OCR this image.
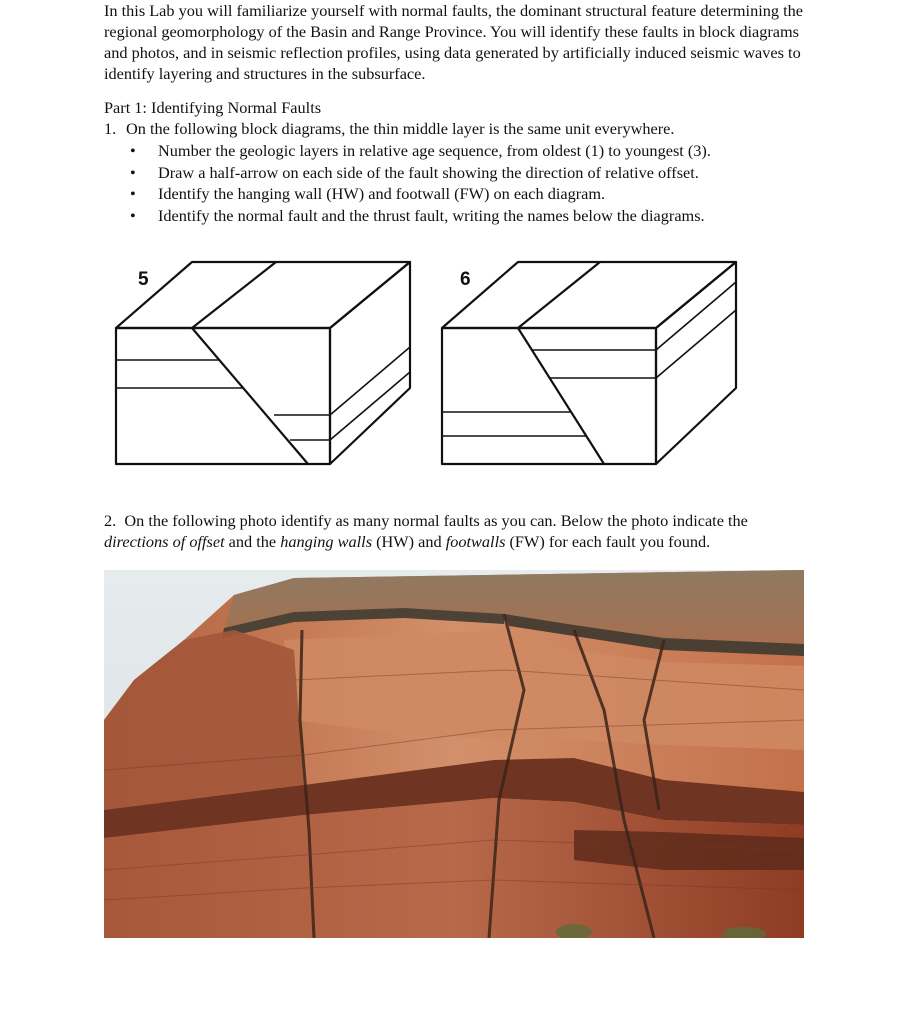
In this Lab you will familiarize yourself with normal faults, the dominant structural feature determining the regional geomorphology of the Basin and Range Province. You will identify these faults in block diagrams and photos, and in seismic reflection profiles, using data generated by artificially induced seismic waves to identify layering and structures in the subsurface.

Part 1: Identifying Normal Faults

1. On the following block diagrams, the thin middle layer is the same unit everywhere.

• Number the geologic layers in relative age sequence, from oldest (1) to youngest (3).
• Draw a half-arrow on each side of the fault showing the direction of relative offset.
• Identify the hanging wall (HW) and footwall (FW) on each diagram.
• Identify the normal fault and the thrust fault, writing the names below the diagrams.
5	6

2. On the following photo identify as many normal faults as you can. Below the photo indicate the directions of offset and the hanging walls (HW) and footwalls (FW) for each fault you found.
